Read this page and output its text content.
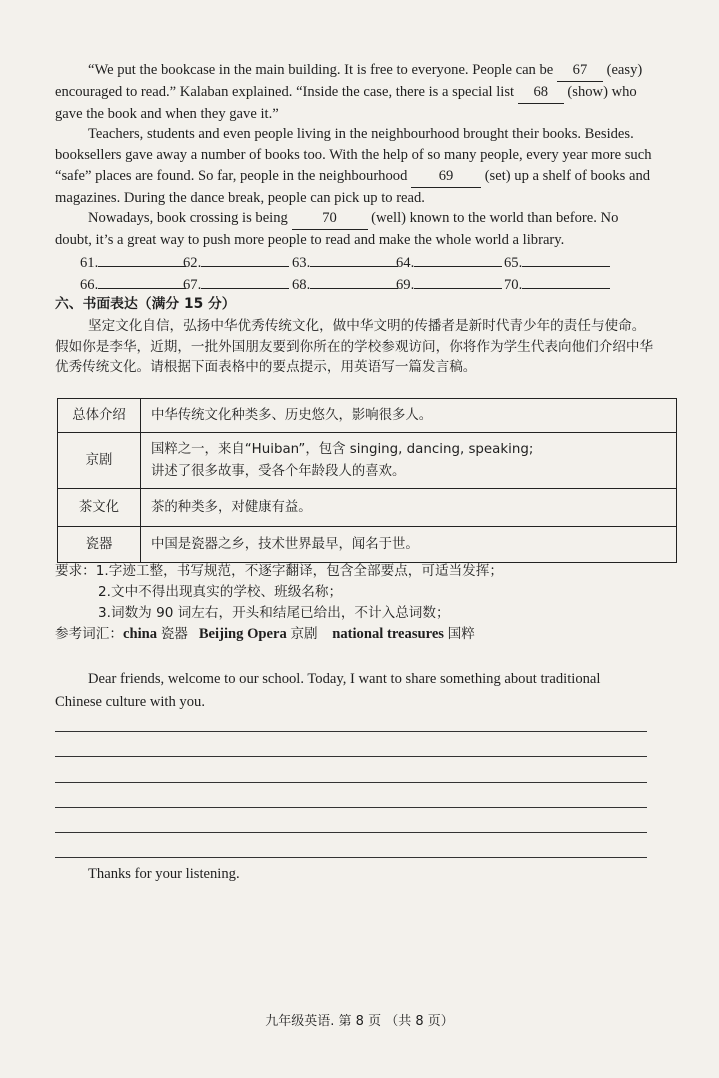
“We put the bookcase in the main building. It is free to everyone. People can be 67 (easy) encouraged to read.” Kalaban explained. “Inside the case, there is a special list 68 (show) who gave the book and when they gave it.”
Teachers, students and even people living in the neighbourhood brought their books. Besides. booksellers gave away a number of books too. With the help of so many people, every year more such “safe” places are found. So far, people in the neighbourhood 69 (set) up a shelf of books and magazines. During the dance break, people can pick up to read.
Nowadays, book crossing is being 70 (well) known to the world than before. No doubt, it’s a great way to push more people to read and make the whole world a library.
61.	62.	63.	64.	65.
66.	67.	68.	69.	70.
六、书面表达（满分 15 分）
坚定文化自信，弘扬中华优秀传统文化，做中华文明的传播者是新时代青少年的责任与使命。假如你是李华，近期，一批外国朋友要到你所在的学校参观访问，你将作为学生代表向他们介绍中华优秀传统文化。请根据下面表格中的要点提示，用英语写一篇发言稿。
总体介绍	中华传统文化种类多、历史悠久，影响很多人。
京剧	国粹之一，来自“Huiban”，包含 singing, dancing, speaking;
讲述了很多故事，受各个年龄段人的喜欢。

茶文化	茶的种类多，对健康有益。
瓷器	中国是瓷器之乡，技术世界最早，闻名于世。
要求：1.字迹工整，书写规范，不逐字翻译，包含全部要点，可适当发挥；
2.文中不得出现真实的学校、班级名称；
3.词数为 90 词左右，开头和结尾已给出，不计入总词数；
参考词汇：china 瓷器 Beijing Opera 京剧 national treasures 国粹
Dear friends, welcome to our school. Today, I want to share something about traditional Chinese culture with you.
Thanks for your listening.
九年级英语. 第 8 页 （共 8 页）
